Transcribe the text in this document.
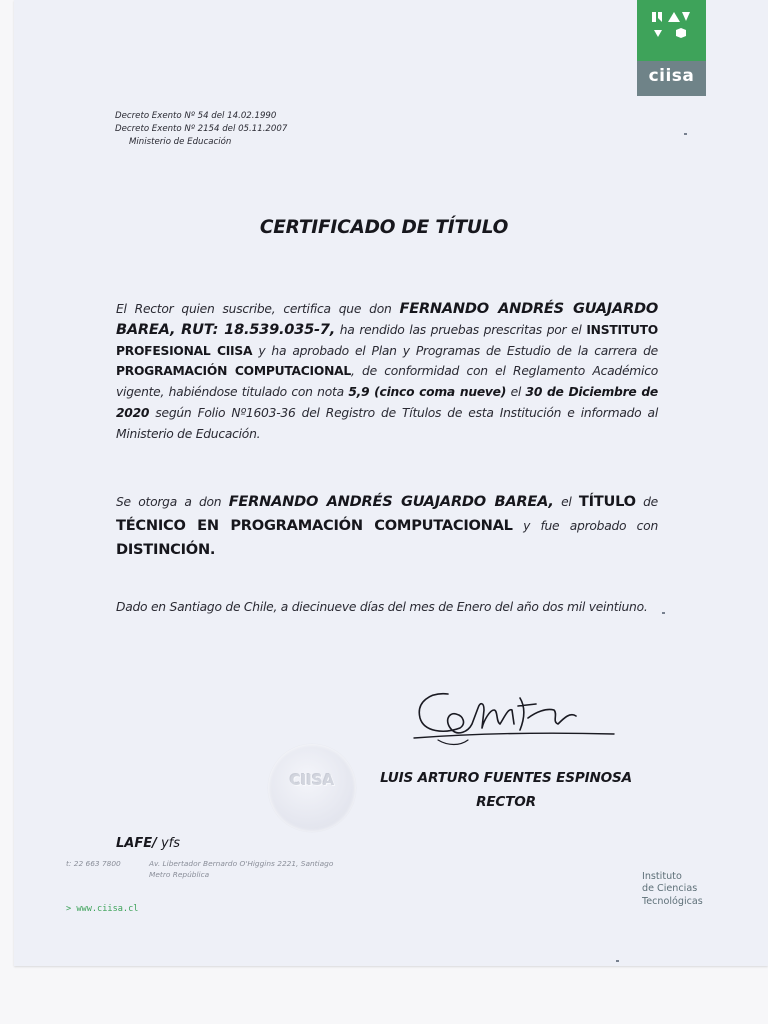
ciisa
Decreto Exento Nº 54 del 14.02.1990
Decreto Exento Nº 2154 del 05.11.2007
Ministerio de Educación
CERTIFICADO DE TÍTULO
El Rector quien suscribe, certifica que don FERNANDO ANDRÉS GUAJARDO BAREA, RUT: 18.539.035-7, ha rendido las pruebas prescritas por el INSTITUTO PROFESIONAL CIISA y ha aprobado el Plan y Programas de Estudio de la carrera de PROGRAMACIÓN COMPUTACIONAL, de conformidad con el Reglamento Académico vigente, habiéndose titulado con nota 5,9 (cinco coma nueve) el 30 de Diciembre de 2020 según Folio Nº1603-36 del Registro de Títulos de esta Institución e informado al Ministerio de Educación.
Se otorga a don FERNANDO ANDRÉS GUAJARDO BAREA, el TÍTULO de TÉCNICO EN PROGRAMACIÓN COMPUTACIONAL y fue aprobado con DISTINCIÓN.
Dado en Santiago de Chile, a diecinueve días del mes de Enero del año dos mil veintiuno.
CIISA	LUIS ARTURO FUENTES ESPINOSA
RECTOR
LAFE/ yfs
t: 22 663 7800	Av. Libertador Bernardo O'Higgins 2221, Santiago
Metro República
> www.ciisa.cl
Instituto
de Ciencias
Tecnológicas
